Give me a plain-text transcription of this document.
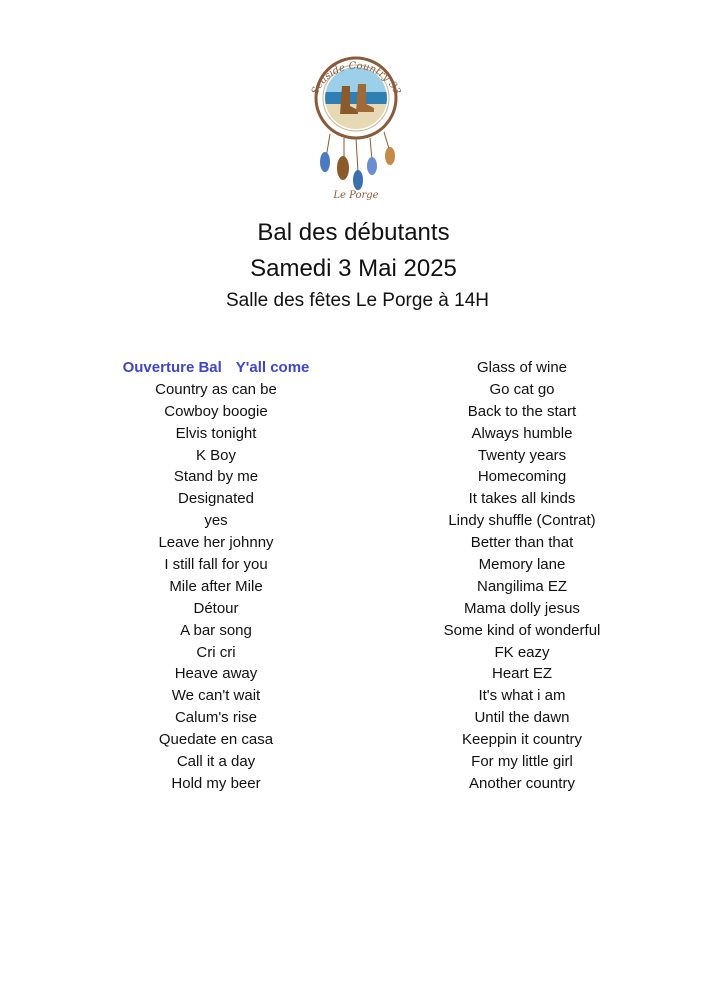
Seaside Country 33
Le Porge
Bal des débutants
Samedi 3 Mai 2025
Salle des fêtes Le Porge à 14H
Ouverture Bal Y'all come
Country as can be
Cowboy boogie
Elvis tonight
K Boy
Stand by me
Designated
yes
Leave her johnny
I still fall for you
Mile after Mile
Détour
A bar song
Cri cri
Heave away
We can't wait
Calum's rise
Quedate en casa
Call it a day
Hold my beer
Glass of wine
Go cat go
Back to the start
Always humble
Twenty years
Homecoming
It takes all kinds
Lindy shuffle (Contrat)
Better than that
Memory lane
Nangilima EZ
Mama dolly jesus
Some kind of wonderful
FK eazy
Heart EZ
It's what i am
Until the dawn
Keeppin it country
For my little girl
Another country
